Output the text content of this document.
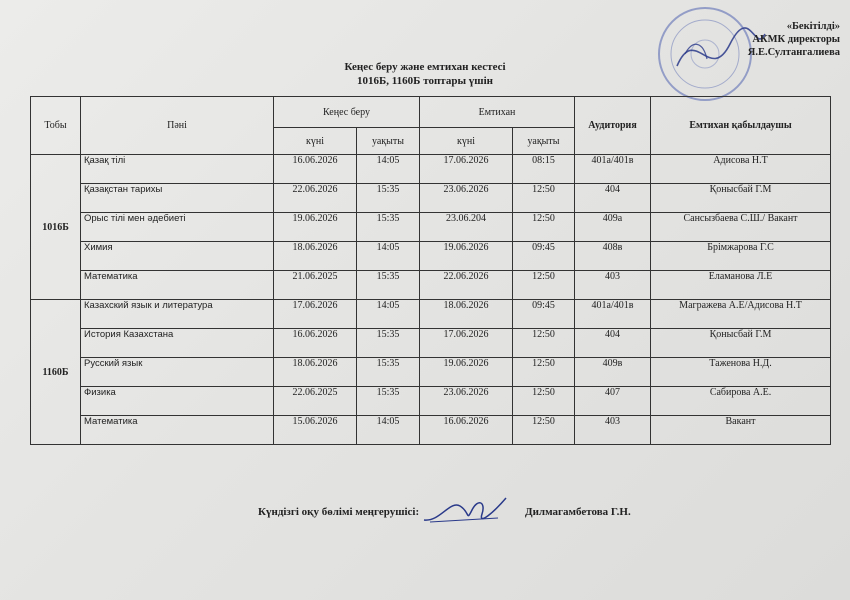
«Бекітілді»
АКМК директоры
Я.Е.Султангалиева
Кеңес беру және емтихан кестесі
1016Б, 1160Б топтары үшін
Тобы	Пәні	Кеңес беру		Емтихан		Аудитория	Емтихан қабылдаушы
		күні	уақыты	күні	уақыты		
1016Б	Қазақ тілі	16.06.2026	14:05	17.06.2026	08:15	401а/401в	Адисова Н.Т
	Қазақстан тарихы	22.06.2026	15:35	23.06.2026	12:50	404	Қонысбай Г.М
	Орыс тілі мен әдебиеті	19.06.2026	15:35	23.06.204	12:50	409а	Сансызбаева С.Ш./ Вакант
	Химия	18.06.2026	14:05	19.06.2026	09:45	408в	Брімжарова Г.С
	Математика	21.06.2025	15:35	22.06.2026	12:50	403	Еламанова Л.Е
1160Б	Казахский язык и литература	17.06.2026	14:05	18.06.2026	09:45	401а/401в	Магражева А.Е/Адисова Н.Т
	История Казахстана	16.06.2026	15:35	17.06.2026	12:50	404	Қонысбай Г.М
	Русский язык	18.06.2026	15:35	19.06.2026	12:50	409в	Таженова Н.Д.
	Физика	22.06.2025	15:35	23.06.2026	12:50	407	Сабирова А.Е.
	Математика	15.06.2026	14:05	16.06.2026	12:50	403	Вакант
Күндізгі оқу бөлімі меңгерушісі:	Дилмагамбетова Г.Н.
